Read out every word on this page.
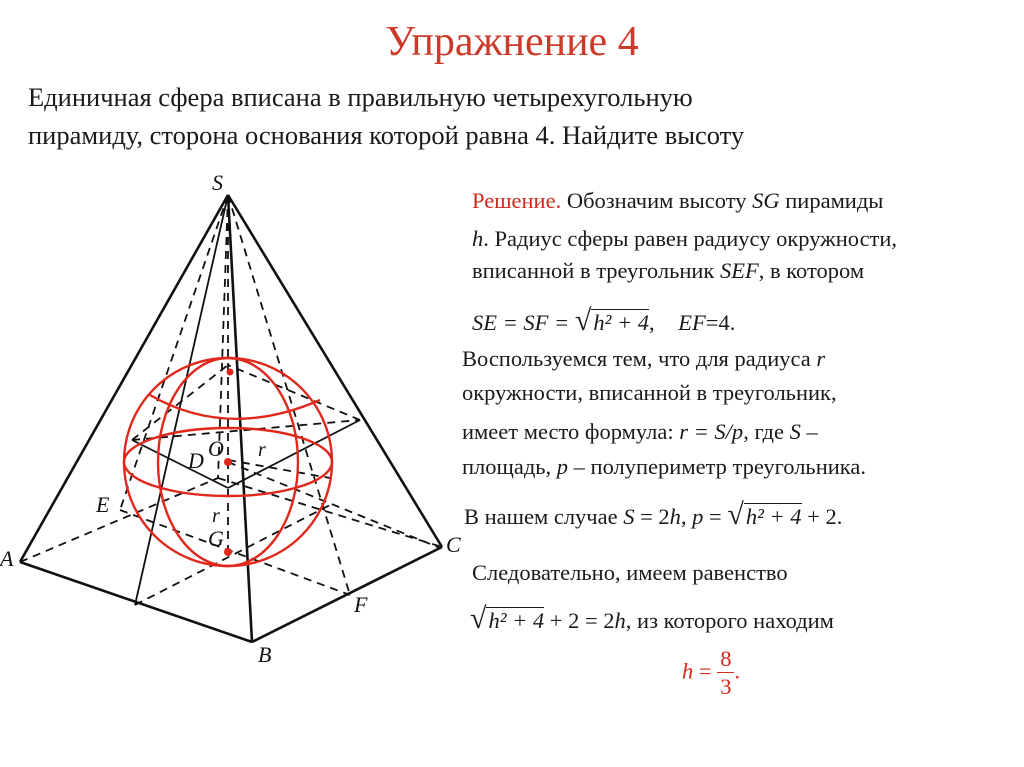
Упражнение 4
Единичная сфера вписана в правильную четырехугольную
пирамиду, сторона основания которой равна 4. Найдите высоту
Решение. Обозначим высоту SG пирамиды
h. Радиус сферы равен радиусу окружности,
вписанной в треугольник SEF, в котором
SE = SF = √h² + 4, EF=4.
Воспользуемся тем, что для радиуса r
окружности, вписанной в треугольник,
имеет место формула: r = S/p, где S –
площадь, p – полупериметр треугольника.
В нашем случае S = 2h, p = √h² + 4 + 2.
Следовательно, имеем равенство
√h² + 4 + 2 = 2h, из которого находим
$h = \frac{8}{3}$ .
S
A
B
C
D
E
F
G
O r
r
